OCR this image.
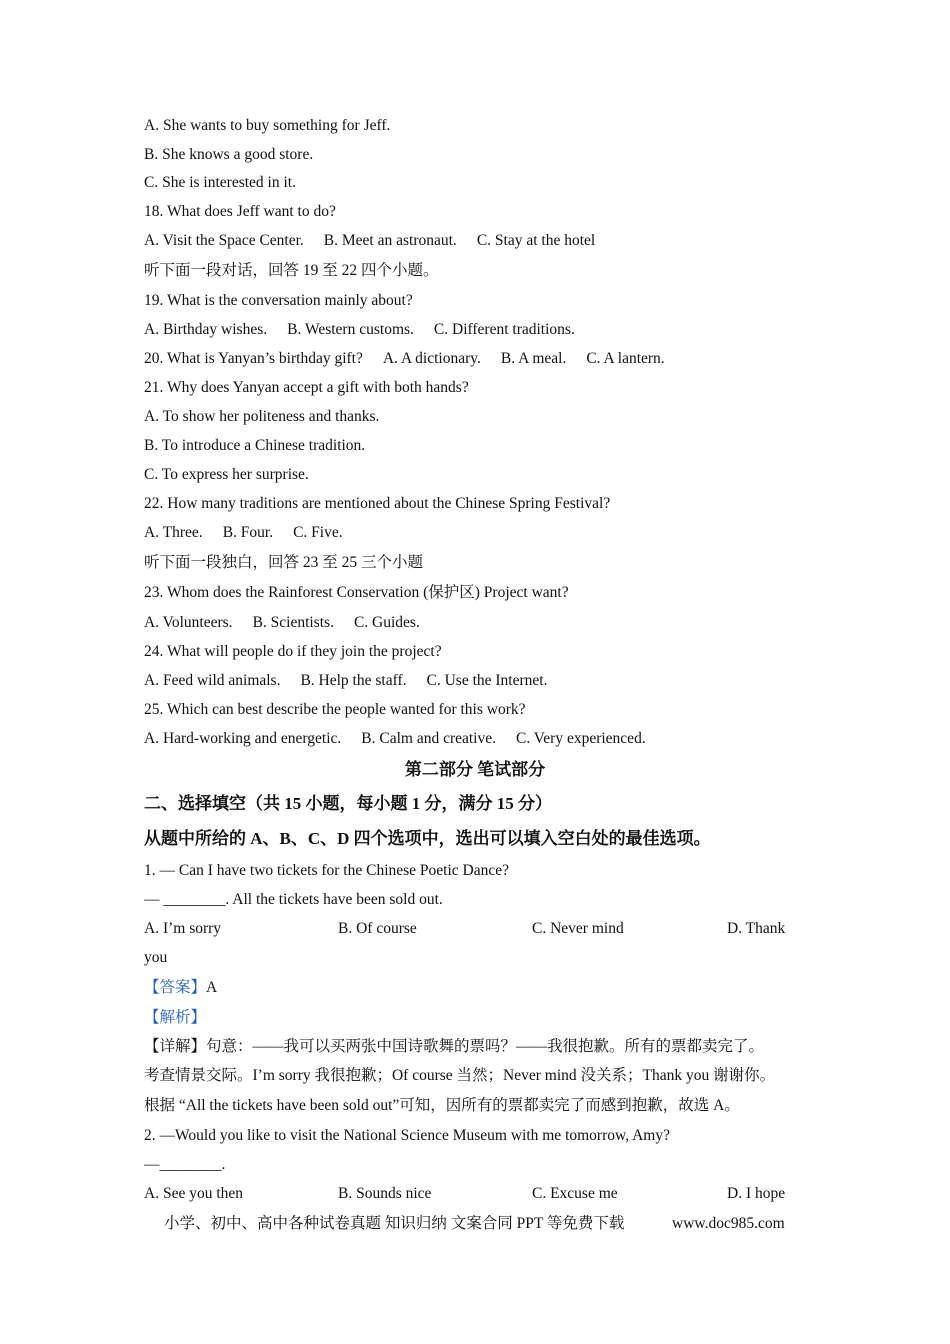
A. She wants to buy something for Jeff.
B. She knows a good store.
C. She is interested in it.
18. What does Jeff want to do?
A. Visit the Space Center. B. Meet an astronaut. C. Stay at the hotel
听下面一段对话，回答 19 至 22 四个小题。
19. What is the conversation mainly about?
A. Birthday wishes. B. Western customs. C. Different traditions.
20. What is Yanyan’s birthday gift? A. A dictionary. B. A meal. C. A lantern.
21. Why does Yanyan accept a gift with both hands?
A. To show her politeness and thanks.
B. To introduce a Chinese tradition.
C. To express her surprise.
22. How many traditions are mentioned about the Chinese Spring Festival?
A. Three. B. Four. C. Five.
听下面一段独白，回答 23 至 25 三个小题
23. Whom does the Rainforest Conservation (保护区) Project want?
A. Volunteers. B. Scientists. C. Guides.
24. What will people do if they join the project?
A. Feed wild animals. B. Help the staff. C. Use the Internet.
25. Which can best describe the people wanted for this work?
A. Hard-working and energetic. B. Calm and creative. C. Very experienced.
第二部分 笔试部分
二、选择填空（共 15 小题，每小题 1 分，满分 15 分）
从题中所给的 A、B、C、D 四个选项中，选出可以填入空白处的最佳选项。
1. — Can I have two tickets for the Chinese Poetic Dance?
— ________. All the tickets have been sold out.
A. I’m sorry	B. Of course	C. Never mind	D. Thank
you
【答案】A
【解析】
【详解】句意：——我可以买两张中国诗歌舞的票吗？——我很抱歉。所有的票都卖完了。
考查情景交际。I’m sorry 我很抱歉；Of course 当然；Never mind 没关系；Thank you 谢谢你。
根据 “All the tickets have been sold out”可知，因所有的票都卖完了而感到抱歉，故选 A。
2. —Would you like to visit the National Science Museum with me tomorrow, Amy?
—________.
A. See you then	B. Sounds nice	C. Excuse me	D. I hope
小学、初中、高中各种试卷真题 知识归纳 文案合同 PPT 等免费下载	www.doc985.com
